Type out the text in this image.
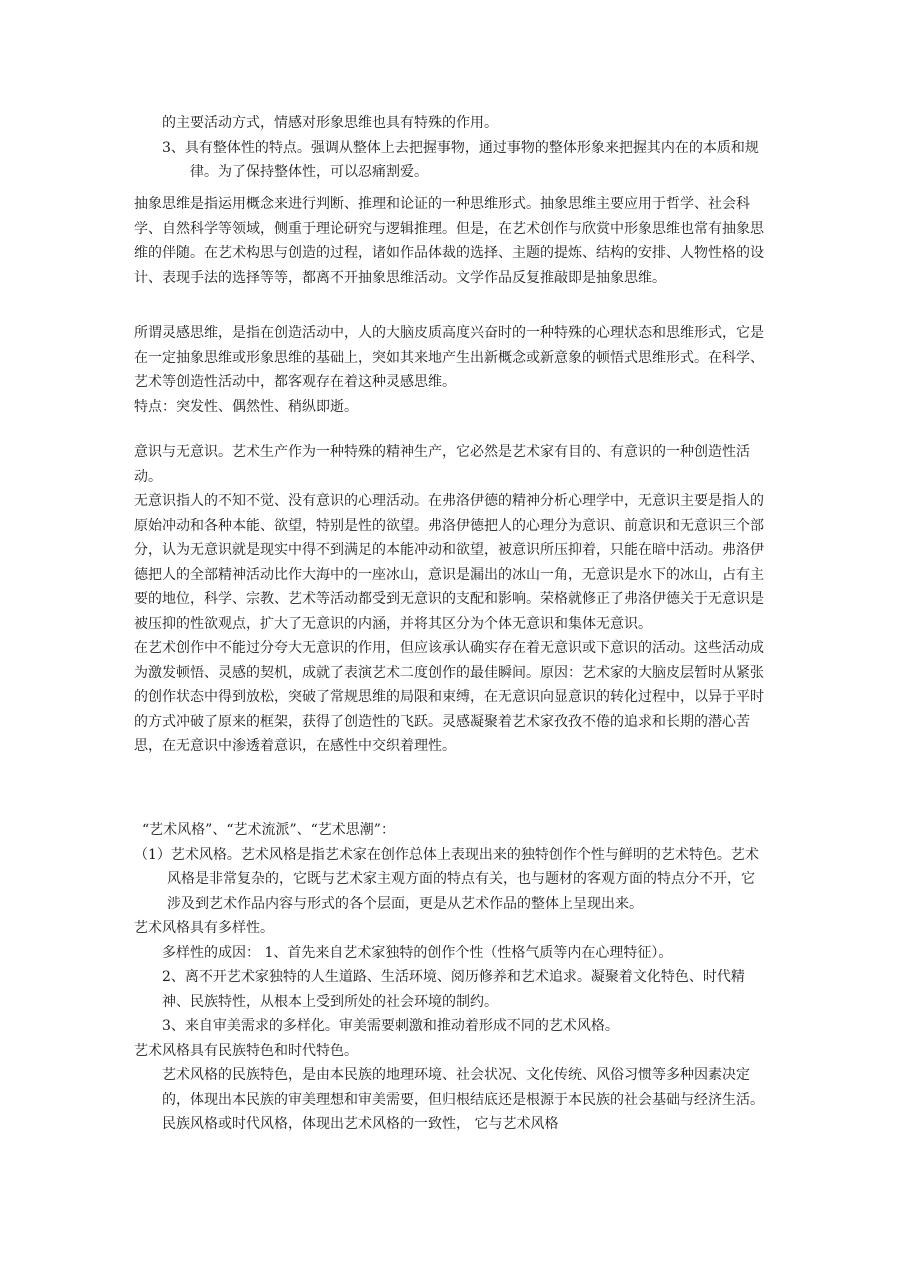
的主要活动方式，情感对形象思维也具有特殊的作用。

3、具有整体性的特点。强调从整体上去把握事物，通过事物的整体形象来把握其内在的本质和规律。为了保持整体性，可以忍痛割爱。

抽象思维是指运用概念来进行判断、推理和论证的一种思维形式。抽象思维主要应用于哲学、社会科学、自然科学等领域，侧重于理论研究与逻辑推理。但是，在艺术创作与欣赏中形象思维也常有抽象思维的伴随。在艺术构思与创造的过程，诸如作品体裁的选择、主题的提炼、结构的安排、人物性格的设计、表现手法的选择等等，都离不开抽象思维活动。文学作品反复推敲即是抽象思维。

所谓灵感思维，是指在创造活动中，人的大脑皮质高度兴奋时的一种特殊的心理状态和思维形式，它是在一定抽象思维或形象思维的基础上，突如其来地产生出新概念或新意象的顿悟式思维形式。在科学、艺术等创造性活动中，都客观存在着这种灵感思维。

特点：突发性、偶然性、稍纵即逝。

意识与无意识。艺术生产作为一种特殊的精神生产，它必然是艺术家有目的、有意识的一种创造性活动。

无意识指人的不知不觉、没有意识的心理活动。在弗洛伊德的精神分析心理学中，无意识主要是指人的原始冲动和各种本能、欲望，特别是性的欲望。弗洛伊德把人的心理分为意识、前意识和无意识三个部分，认为无意识就是现实中得不到满足的本能冲动和欲望，被意识所压抑着，只能在暗中活动。弗洛伊德把人的全部精神活动比作大海中的一座冰山，意识是漏出的冰山一角，无意识是水下的冰山，占有主要的地位，科学、宗教、艺术等活动都受到无意识的支配和影响。荣格就修正了弗洛伊德关于无意识是被压抑的性欲观点，扩大了无意识的内涵，并将其区分为个体无意识和集体无意识。

在艺术创作中不能过分夸大无意识的作用，但应该承认确实存在着无意识或下意识的活动。这些活动成为激发顿悟、灵感的契机，成就了表演艺术二度创作的最佳瞬间。原因：艺术家的大脑皮层暂时从紧张的创作状态中得到放松，突破了常规思维的局限和束缚，在无意识向显意识的转化过程中，以异于平时的方式冲破了原来的框架，获得了创造性的飞跃。灵感凝聚着艺术家孜孜不倦的追求和长期的潜心苦思，在无意识中渗透着意识，在感性中交织着理性。

“艺术风格”、“艺术流派”、“艺术思潮”：

（1）艺术风格。艺术风格是指艺术家在创作总体上表现出来的独特创作个性与鲜明的艺术特色。艺术风格是非常复杂的，它既与艺术家主观方面的特点有关，也与题材的客观方面的特点分不开，它涉及到艺术作品内容与形式的各个层面，更是从艺术作品的整体上呈现出来。

艺术风格具有多样性。

多样性的成因： 1、首先来自艺术家独特的创作个性（性格气质等内在心理特征）。

2、离不开艺术家独特的人生道路、生活环境、阅历修养和艺术追求。凝聚着文化特色、时代精神、民族特性，从根本上受到所处的社会环境的制约。

3、来自审美需求的多样化。审美需要刺激和推动着形成不同的艺术风格。

艺术风格具有民族特色和时代特色。

艺术风格的民族特色，是由本民族的地理环境、社会状况、文化传统、风俗习惯等多种因素决定的，体现出本民族的审美理想和审美需要，但归根结底还是根源于本民族的社会基础与经济生活。民族风格或时代风格，体现出艺术风格的一致性， 它与艺术风格
